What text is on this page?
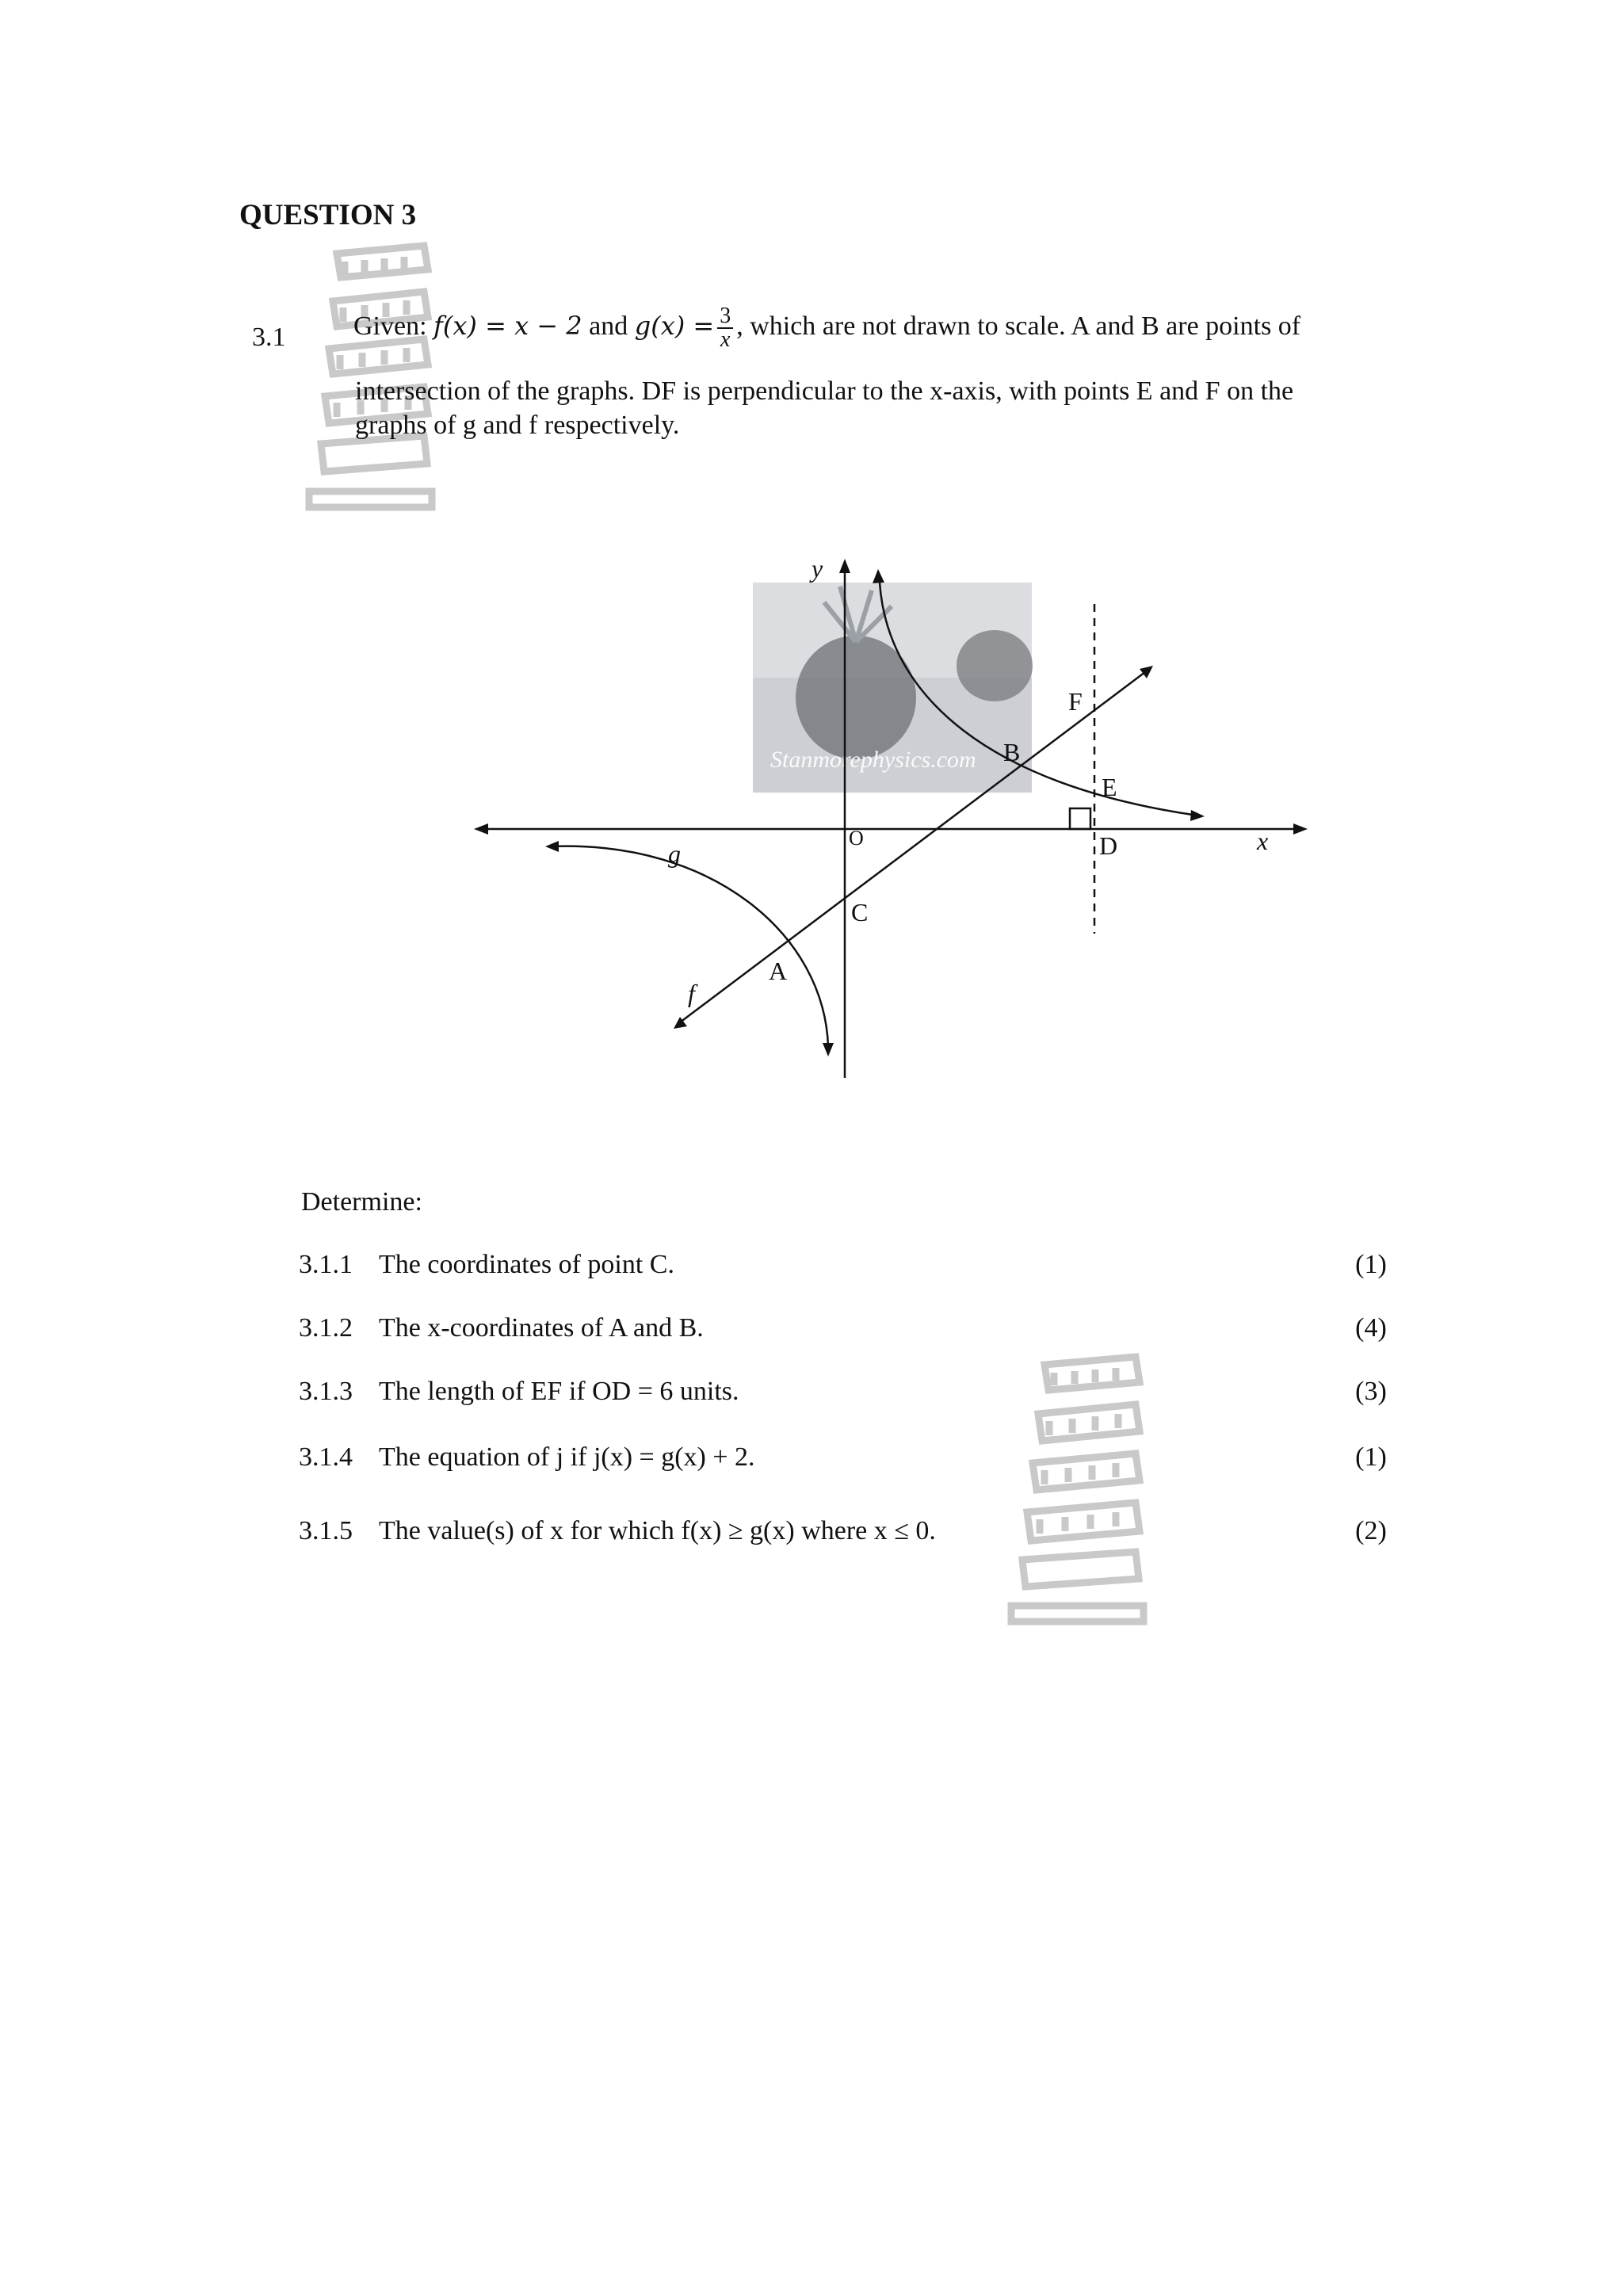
QUESTION 3
3.1	Given: f(x) = x − 2 and $g(x) = \frac{3}{x}$ , which are not drawn to scale. A and B are points of
intersection of the graphs. DF is perpendicular to the x-axis, with points E and F on the
graphs of g and f respectively.
Stanmorephysics.com
y
x
O
g
f
A
B
C
D
E
F
Determine:
3.1.1 The coordinates of point C.	(1)
3.1.2 The x-coordinates of A and B.	(4)
3.1.3 The length of EF if OD = 6 units.	(3)
3.1.4 The equation of j if j(x) = g(x) + 2.	(1)
3.1.5 The value(s) of x for which f(x) ≥ g(x) where x ≤ 0.	(2)
